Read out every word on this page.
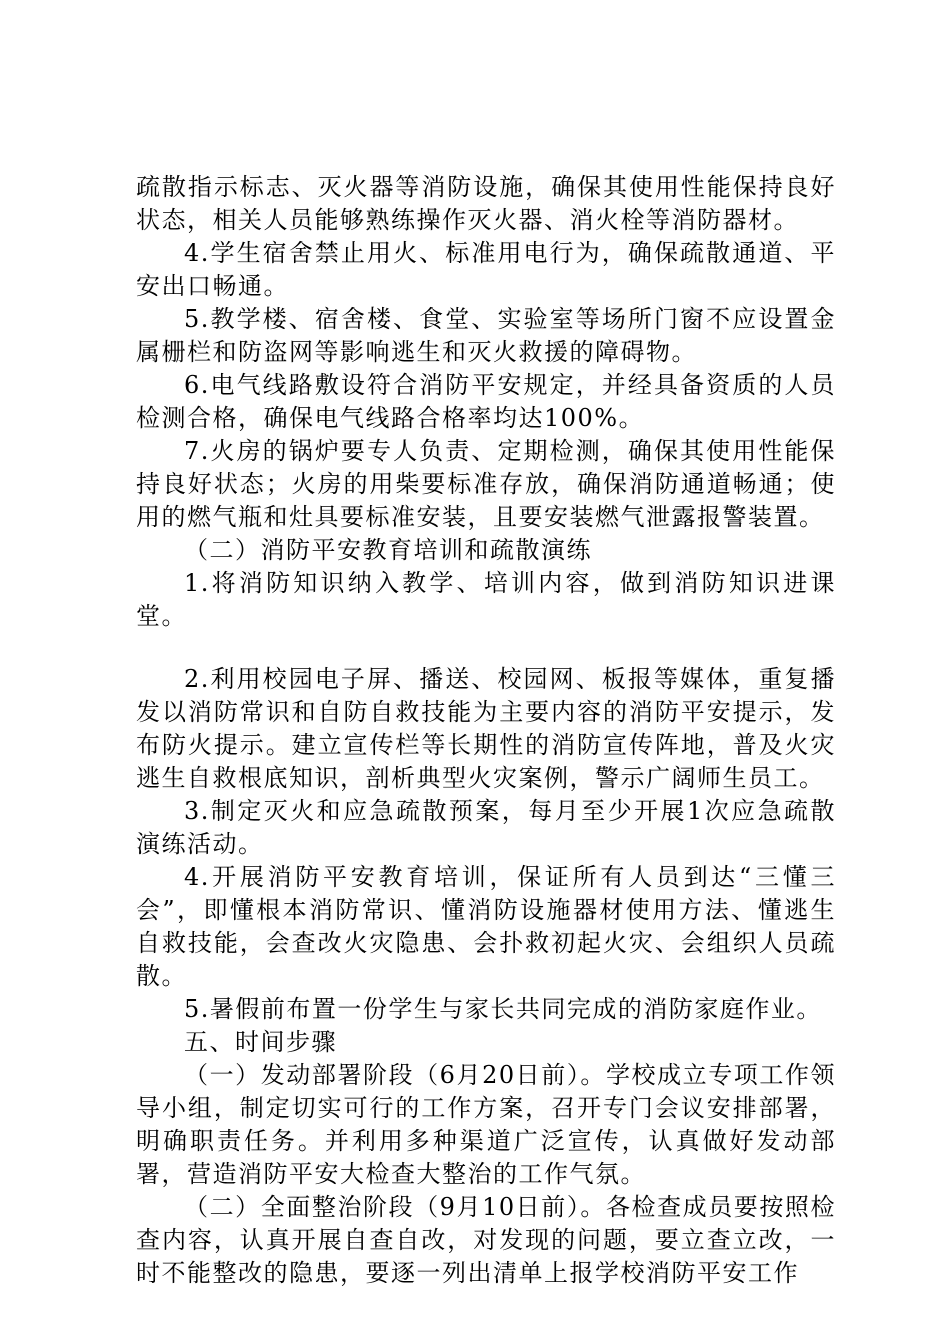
疏散指示标志、灭火器等消防设施，确保其使用性能保持良好状态，相关人员能够熟练操作灭火器、消火栓等消防器材。

4.学生宿舍禁止用火、标准用电行为，确保疏散通道、平安出口畅通。

5.教学楼、宿舍楼、食堂、实验室等场所门窗不应设置金属栅栏和防盗网等影响逃生和灭火救援的障碍物。

6.电气线路敷设符合消防平安规定，并经具备资质的人员检测合格，确保电气线路合格率均达100%。

7.火房的锅炉要专人负责、定期检测，确保其使用性能保持良好状态；火房的用柴要标准存放，确保消防通道畅通；使用的燃气瓶和灶具要标准安装，且要安装燃气泄露报警装置。

（二）消防平安教育培训和疏散演练

1.将消防知识纳入教学、培训内容，做到消防知识进课堂。

2.利用校园电子屏、播送、校园网、板报等媒体，重复播发以消防常识和自防自救技能为主要内容的消防平安提示，发布防火提示。建立宣传栏等长期性的消防宣传阵地，普及火灾逃生自救根底知识，剖析典型火灾案例，警示广阔师生员工。

3.制定灭火和应急疏散预案，每月至少开展1次应急疏散演练活动。

4.开展消防平安教育培训，保证所有人员到达“三懂三会”，即懂根本消防常识、懂消防设施器材使用方法、懂逃生自救技能，会查改火灾隐患、会扑救初起火灾、会组织人员疏散。

5.暑假前布置一份学生与家长共同完成的消防家庭作业。

五、时间步骤

（一）发动部署阶段（6月20日前）。学校成立专项工作领导小组，制定切实可行的工作方案，召开专门会议安排部署，明确职责任务。并利用多种渠道广泛宣传，认真做好发动部署，营造消防平安大检查大整治的工作气氛。

（二）全面整治阶段（9月10日前）。各检查成员要按照检查内容，认真开展自查自改，对发现的问题，要立查立改，一时不能整改的隐患，要逐一列出清单上报学校消防平安工作
